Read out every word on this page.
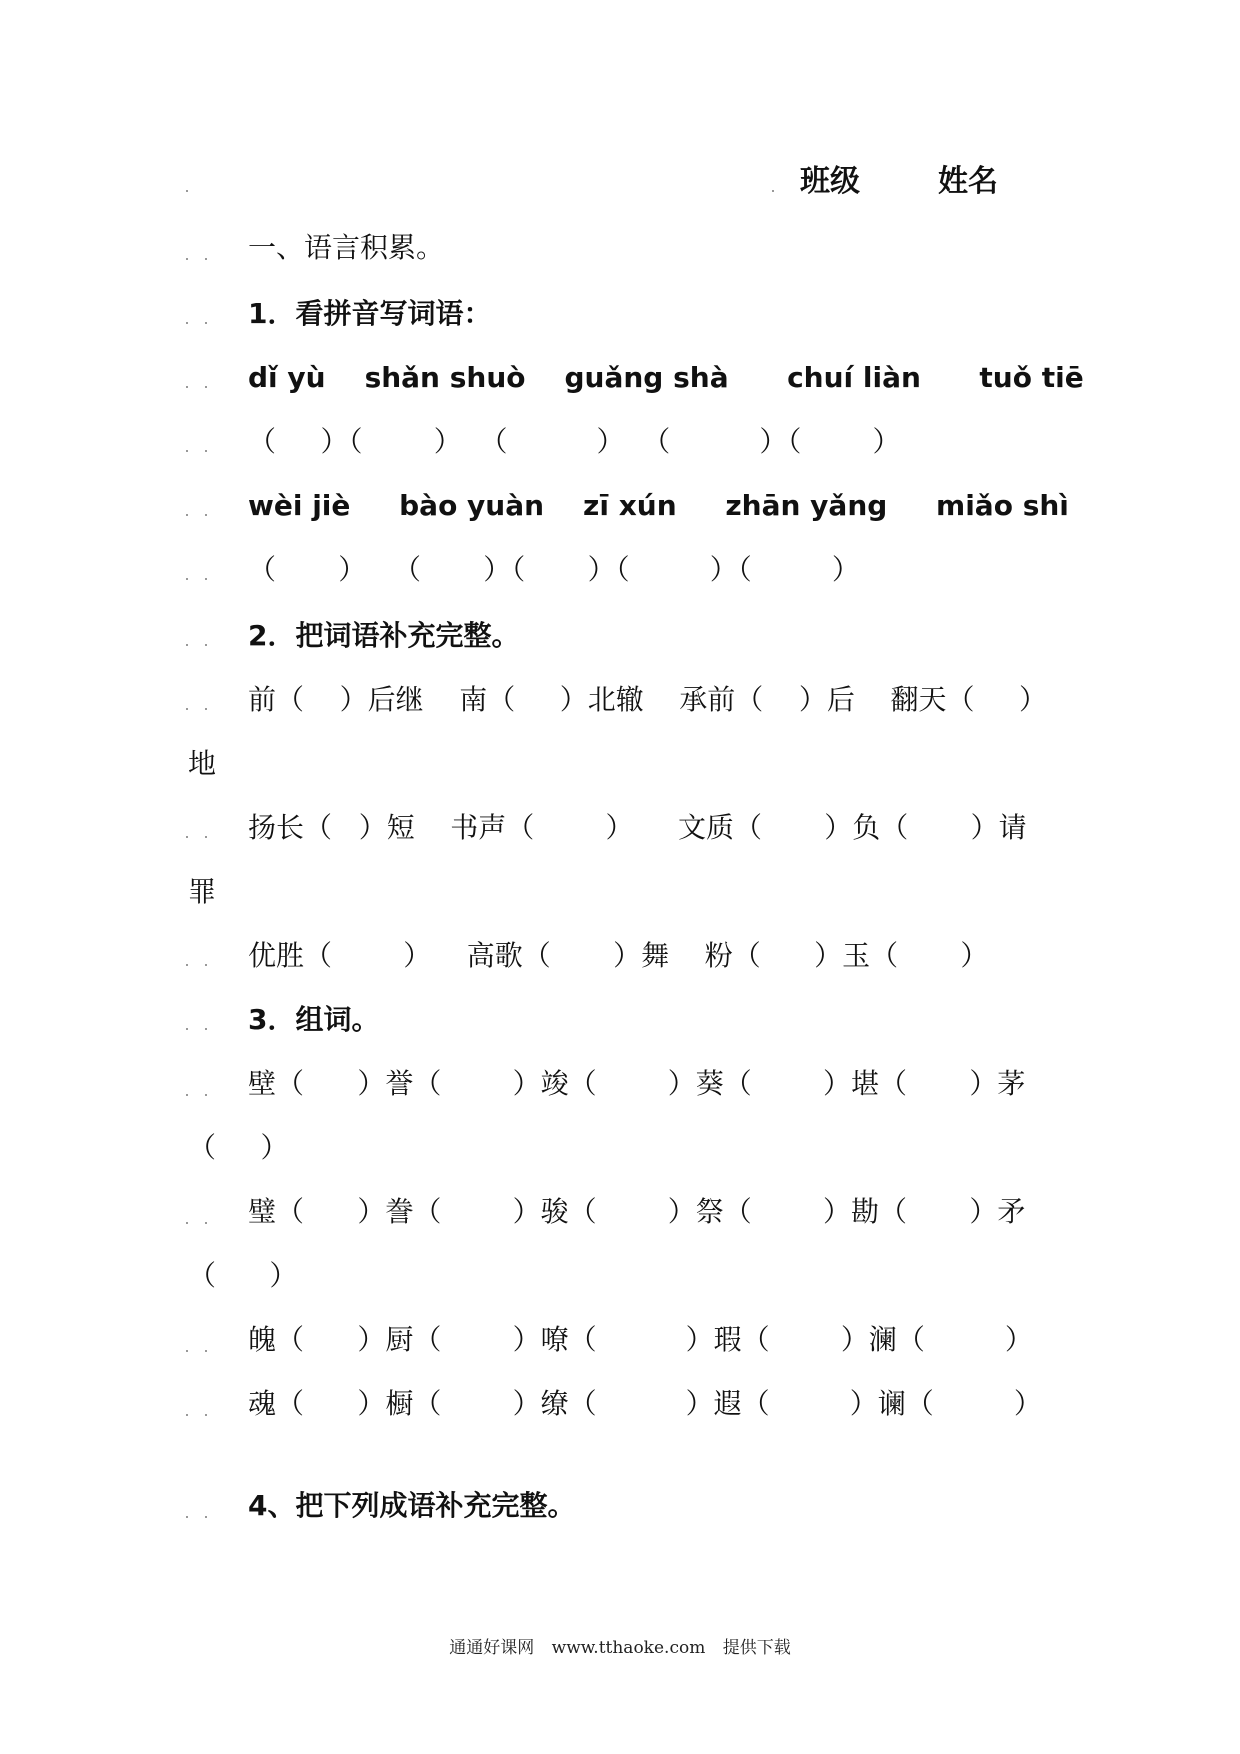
班级	姓名
一、语言积累。
1．看拼音写词语：
dǐ yù    shǎn shuò    guǎng shà      chuí liàn      tuǒ tiē
（     ）（        ）  （          ）  （          ）（        ）
wèi jiè     bào yuàn    zī xún     zhān yǎng     miǎo shì
（       ）   （       ）（       ）（         ）（         ）
2．把词语补充完整。
前（    ）后继    南（     ）北辙    承前（    ）后    翻天（     ）
地
扬长（   ）短    书声（        ）     文质（       ）负（       ）请
罪
优胜（        ）    高歌（       ）舞    粉（      ）玉（       ）
3．组词。
壁（      ）誉（        ）竣（        ）葵（        ）堪（       ）茅
（     ）
璧（      ）誊（        ）骏（        ）祭（        ）勘（       ）矛
（      ）
魄（      ）厨（        ）嘹（          ）瑕（        ）澜（         ）
魂（      ）橱（        ）缭（          ）遐（         ）谰（         ）
4、把下列成语补充完整。
通通好课网 www.tthaoke.com 提供下载
